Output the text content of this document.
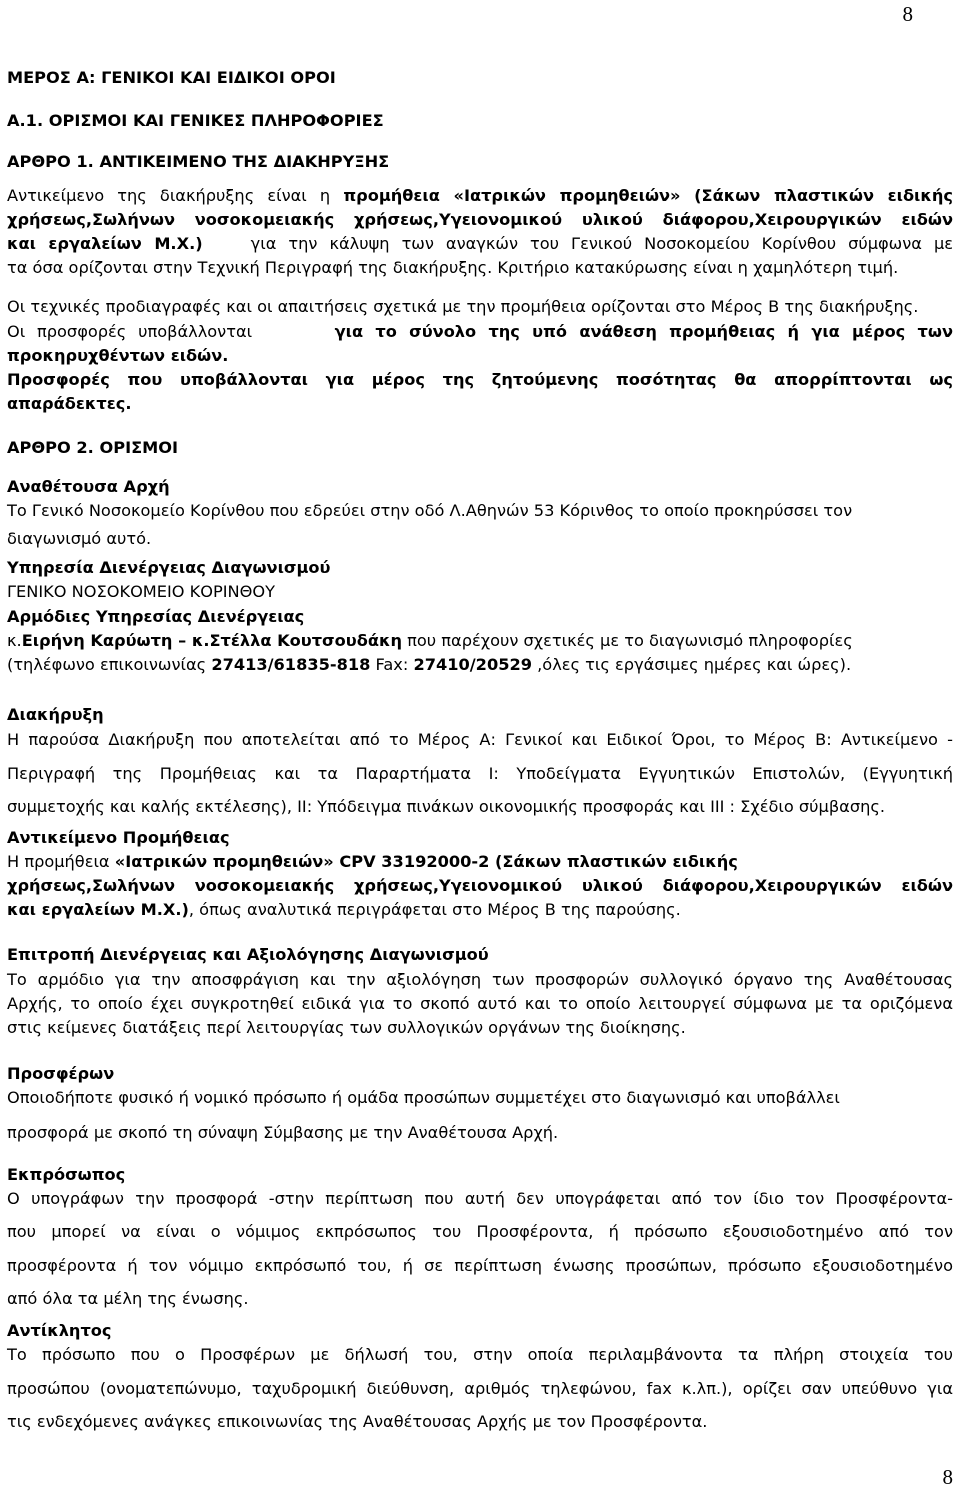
8
ΜΕΡΟΣ Α: ΓΕΝΙΚΟΙ ΚΑΙ ΕΙΔΙΚΟΙ ΟΡΟΙ
Α.1. ΟΡΙΣΜΟΙ ΚΑΙ ΓΕΝΙΚΕΣ ΠΛΗΡΟΦΟΡΙΕΣ
ΑΡΘΡΟ 1. ΑΝΤΙΚΕΙΜΕΝΟ ΤΗΣ ΔΙΑΚΗΡΥΞΗΣ
Αντικείμενο της διακήρυξης είναι η προμήθεια «Ιατρικών προμηθειών» (Σάκων πλαστικών ειδικής
χρήσεως,Σωλήνων νοσοκομειακής χρήσεως,Υγειονομικού υλικού διάφορου,Χειρουργικών ειδών
και εργαλείων Μ.Χ.)	για την κάλυψη των αναγκών του Γενικού Νοσοκομείου Κορίνθου σύμφωνα με
τα όσα ορίζονται στην Τεχνική Περιγραφή της διακήρυξης. Κριτήριο κατακύρωσης είναι η χαμηλότερη τιμή.
Οι τεχνικές προδιαγραφές και οι απαιτήσεις σχετικά με την προμήθεια ορίζονται στο Μέρος Β της διακήρυξης.
Οι προσφορές υποβάλλονται	για το σύνολο της υπό ανάθεση προμήθειας ή για μέρος των
προκηρυχθέντων ειδών.
Προσφορές που υποβάλλονται για μέρος της ζητούμενης ποσότητας θα απορρίπτονται ως
απαράδεκτες.
ΑΡΘΡΟ 2. ΟΡΙΣΜΟΙ
Αναθέτουσα Αρχή
Το Γενικό Νοσοκομείο Κορίνθου που εδρεύει στην οδό Λ.Αθηνών 53 Κόρινθος το οποίο προκηρύσσει τον
διαγωνισμό αυτό.
Υπηρεσία Διενέργειας Διαγωνισμού
ΓΕΝΙΚΟ ΝΟΣΟΚΟΜΕΙΟ ΚΟΡΙΝΘΟΥ
Αρμόδιες Υπηρεσίας Διενέργειας
κ.Ειρήνη Καρύωτη – κ.Στέλλα Κουτσουδάκη που παρέχουν σχετικές με το διαγωνισμό πληροφορίες
(τηλέφωνο επικοινωνίας 27413/61835-818 Fax: 27410/20529 ,όλες τις εργάσιμες ημέρες και ώρες).
Διακήρυξη
Η παρούσα Διακήρυξη που αποτελείται από το Μέρος Α: Γενικοί και Ειδικοί Όροι, το Μέρος Β: Αντικείμενο -
Περιγραφή της Προμήθειας και τα Παραρτήματα Ι: Υποδείγματα Εγγυητικών Επιστολών, (Εγγυητική
συμμετοχής και καλής εκτέλεσης), ΙΙ: Υπόδειγμα πινάκων οικονομικής προσφοράς και ΙΙΙ : Σχέδιο σύμβασης.
Αντικείμενο Προμήθειας
Η προμήθεια «Ιατρικών προμηθειών» CPV 33192000-2 (Σάκων πλαστικών ειδικής
χρήσεως,Σωλήνων νοσοκομειακής χρήσεως,Υγειονομικού υλικού διάφορου,Χειρουργικών ειδών
και εργαλείων Μ.Χ.), όπως αναλυτικά περιγράφεται στο Μέρος Β της παρούσης.
Επιτροπή Διενέργειας και Αξιολόγησης Διαγωνισμού
Το αρμόδιο για την αποσφράγιση και την αξιολόγηση των προσφορών συλλογικό όργανο της Αναθέτουσας
Αρχής, το οποίο έχει συγκροτηθεί ειδικά για το σκοπό αυτό και το οποίο λειτουργεί σύμφωνα με τα οριζόμενα
στις κείμενες διατάξεις περί λειτουργίας των συλλογικών οργάνων της διοίκησης.
Προσφέρων
Οποιοδήποτε φυσικό ή νομικό πρόσωπο ή ομάδα προσώπων συμμετέχει στο διαγωνισμό και υποβάλλει
προσφορά με σκοπό τη σύναψη Σύμβασης με την Αναθέτουσα Αρχή.
Εκπρόσωπος
Ο υπογράφων την προσφορά -στην περίπτωση που αυτή δεν υπογράφεται από τον ίδιο τον Προσφέροντα-
που μπορεί να είναι ο νόμιμος εκπρόσωπος του Προσφέροντα, ή πρόσωπο εξουσιοδοτημένο από τον
προσφέροντα ή τον νόμιμο εκπρόσωπό του, ή σε περίπτωση ένωσης προσώπων, πρόσωπο εξουσιοδοτημένο
από όλα τα μέλη της ένωσης.
Αντίκλητος
Το πρόσωπο που ο Προσφέρων με δήλωσή του, στην οποία περιλαμβάνοντα τα πλήρη στοιχεία του
προσώπου (ονοματεπώνυμο, ταχυδρομική διεύθυνση, αριθμός τηλεφώνου, fax κ.λπ.), ορίζει σαν υπεύθυνο για
τις ενδεχόμενες ανάγκες επικοινωνίας της Αναθέτουσας Αρχής με τον Προσφέροντα.
8
